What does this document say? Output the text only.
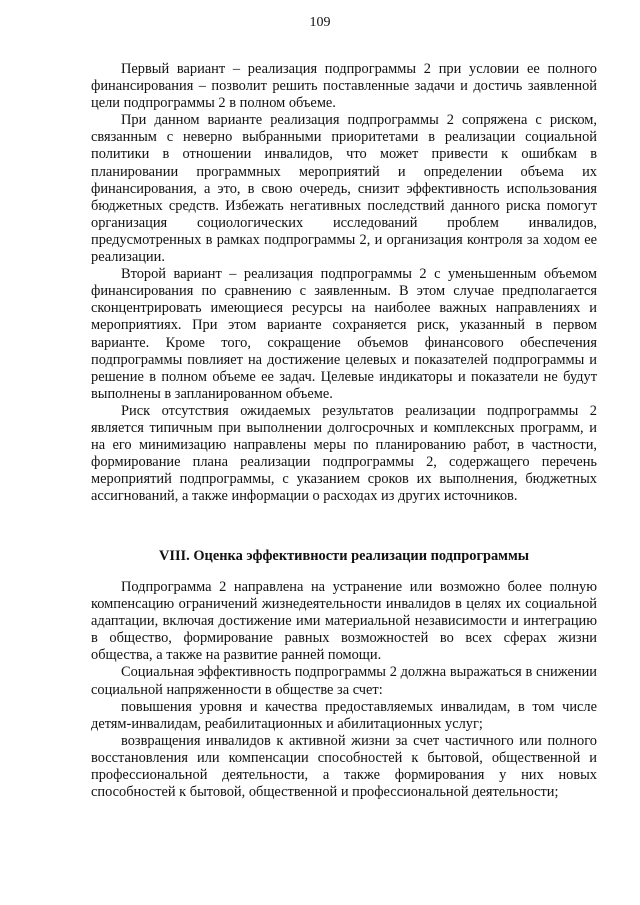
109

Первый вариант – реализация подпрограммы 2 при условии ее полного финансирования – позволит решить поставленные задачи и достичь заявленной цели подпрограммы 2 в полном объеме.

При данном варианте реализация подпрограммы 2 сопряжена с риском, связанным с неверно выбранными приоритетами в реализации социальной политики в отношении инвалидов, что может привести к ошибкам в планировании программных мероприятий и определении объема их финансирования, а это, в свою очередь, снизит эффективность использования бюджетных средств. Избежать негативных последствий данного риска помогут организация социологических исследований проблем инвалидов, предусмотренных в рамках подпрограммы 2, и организация контроля за ходом ее реализации.

Второй вариант – реализация подпрограммы 2 с уменьшенным объемом финансирования по сравнению с заявленным. В этом случае предполагается сконцентрировать имеющиеся ресурсы на наиболее важных направлениях и мероприятиях. При этом варианте сохраняется риск, указанный в первом варианте. Кроме того, сокращение объемов финансового обеспечения подпрограммы повлияет на достижение целевых и показателей подпрограммы и решение в полном объеме ее задач. Целевые индикаторы и показатели не будут выполнены в запланированном объеме.

Риск отсутствия ожидаемых результатов реализации подпрограммы 2 является типичным при выполнении долгосрочных и комплексных программ, и на его минимизацию направлены меры по планированию работ, в частности, формирование плана реализации подпрограммы 2, содержащего перечень мероприятий подпрограммы, с указанием сроков их выполнения, бюджетных ассигнований, а также информации о расходах из других источников.

VIII. Оценка эффективности реализации подпрограммы

Подпрограмма 2 направлена на устранение или возможно более полную компенсацию ограничений жизнедеятельности инвалидов в целях их социальной адаптации, включая достижение ими материальной независимости и интеграцию в общество, формирование равных возможностей во всех сферах жизни общества, а также на развитие ранней помощи.

Социальная эффективность подпрограммы 2 должна выражаться в снижении социальной напряженности в обществе за счет:

повышения уровня и качества предоставляемых инвалидам, в том числе детям-инвалидам, реабилитационных и абилитационных услуг;

возвращения инвалидов к активной жизни за счет частичного или полного восстановления или компенсации способностей к бытовой, общественной и профессиональной деятельности, а также формирования у них новых способностей к бытовой, общественной и профессиональной деятельности;
